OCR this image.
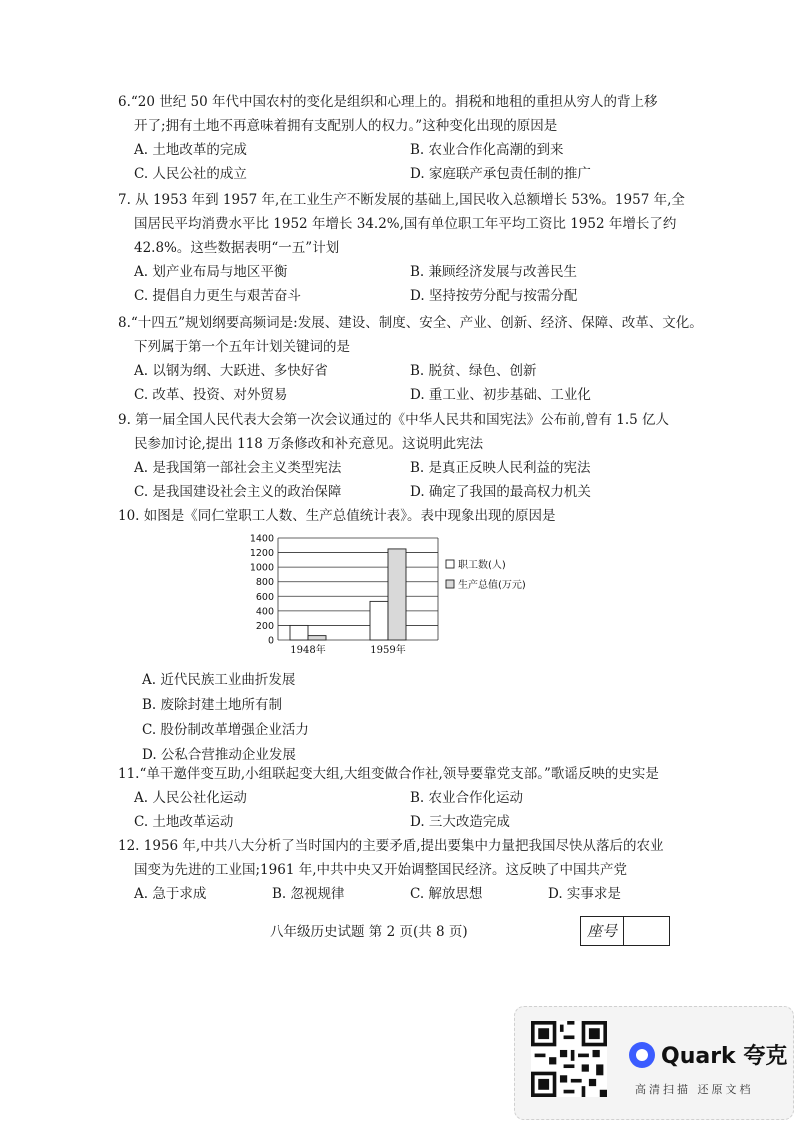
6.“20 世纪 50 年代中国农村的变化是组织和心理上的。捐税和地租的重担从穷人的背上移
开了;拥有土地不再意味着拥有支配别人的权力。”这种变化出现的原因是
A. 土地改革的完成	B. 农业合作化高潮的到来
C. 人民公社的成立	D. 家庭联产承包责任制的推广
7. 从 1953 年到 1957 年,在工业生产不断发展的基础上,国民收入总额增长 53%。1957 年,全
国居民平均消费水平比 1952 年增长 34.2%,国有单位职工年平均工资比 1952 年增长了约
42.8%。这些数据表明“一五”计划
A. 划产业布局与地区平衡	B. 兼顾经济发展与改善民生
C. 提倡自力更生与艰苦奋斗	D. 坚持按劳分配与按需分配
8.“十四五”规划纲要高频词是:发展、建设、制度、安全、产业、创新、经济、保障、改革、文化。
下列属于第一个五年计划关键词的是
A. 以钢为纲、大跃进、多快好省	B. 脱贫、绿色、创新
C. 改革、投资、对外贸易	D. 重工业、初步基础、工业化
9. 第一届全国人民代表大会第一次会议通过的《中华人民共和国宪法》公布前,曾有 1.5 亿人
民参加讨论,提出 118 万条修改和补充意见。这说明此宪法
A. 是我国第一部社会主义类型宪法	B. 是真正反映人民利益的宪法
C. 是我国建设社会主义的政治保障	D. 确定了我国的最高权力机关
10. 如图是《同仁堂职工人数、生产总值统计表》。表中现象出现的原因是
0
200
400
600
800
1000
1200
1400
1948年	1959年
职工数(人)
生产总值(万元)
A. 近代民族工业曲折发展
B. 废除封建土地所有制
C. 股份制改革增强企业活力
D. 公私合营推动企业发展
11.“单干邀伴变互助,小组联起变大组,大组变做合作社,领导要靠党支部。”歌谣反映的史实是
A. 人民公社化运动	B. 农业合作化运动
C. 土地改革运动	D. 三大改造完成
12. 1956 年,中共八大分析了当时国内的主要矛盾,提出要集中力量把我国尽快从落后的农业
国变为先进的工业国;1961 年,中共中央又开始调整国民经济。这反映了中国共产党
A. 急于求成	B. 忽视规律	C. 解放思想	D. 实事求是
八年级历史试题 第 2 页(共 8 页)	座号
Quark 夸克
高清扫描 还原文档
